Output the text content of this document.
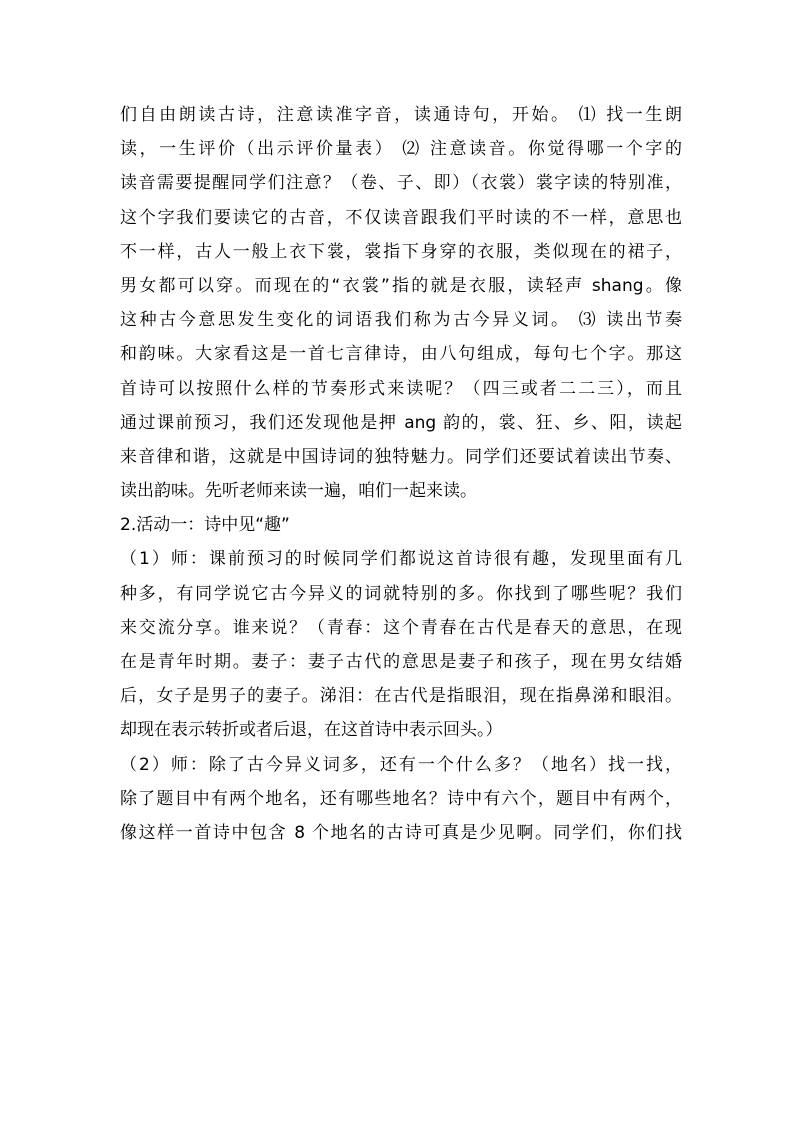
们自由朗读古诗，注意读准字音，读通诗句，开始。 ⑴ 找一生朗
读，一生评价（出示评价量表） ⑵ 注意读音。你觉得哪一个字的
读音需要提醒同学们注意？（卷、子、即）（衣裳）裳字读的特别准，
这个字我们要读它的古音，不仅读音跟我们平时读的不一样，意思也
不一样，古人一般上衣下裳，裳指下身穿的衣服，类似现在的裙子，
男女都可以穿。而现在的“衣裳”指的就是衣服，读轻声 shang。像
这种古今意思发生变化的词语我们称为古今异义词。 ⑶ 读出节奏
和韵味。大家看这是一首七言律诗，由八句组成，每句七个字。那这
首诗可以按照什么样的节奏形式来读呢？（四三或者二二三），而且
通过课前预习，我们还发现他是押 ang 韵的，裳、狂、乡、阳，读起
来音律和谐，这就是中国诗词的独特魅力。同学们还要试着读出节奏、
读出韵味。先听老师来读一遍，咱们一起来读。
2.活动一：诗中见“趣”
（1）师：课前预习的时候同学们都说这首诗很有趣，发现里面有几
种多，有同学说它古今异义的词就特别的多。你找到了哪些呢？我们
来交流分享。谁来说？（青春：这个青春在古代是春天的意思，在现
在是青年时期。妻子：妻子古代的意思是妻子和孩子，现在男女结婚
后，女子是男子的妻子。涕泪：在古代是指眼泪，现在指鼻涕和眼泪。
却现在表示转折或者后退，在这首诗中表示回头。）
（2）师：除了古今异义词多，还有一个什么多？（地名）找一找，
除了题目中有两个地名，还有哪些地名？诗中有六个，题目中有两个，
像这样一首诗中包含 8 个地名的古诗可真是少见啊。同学们，你们找
